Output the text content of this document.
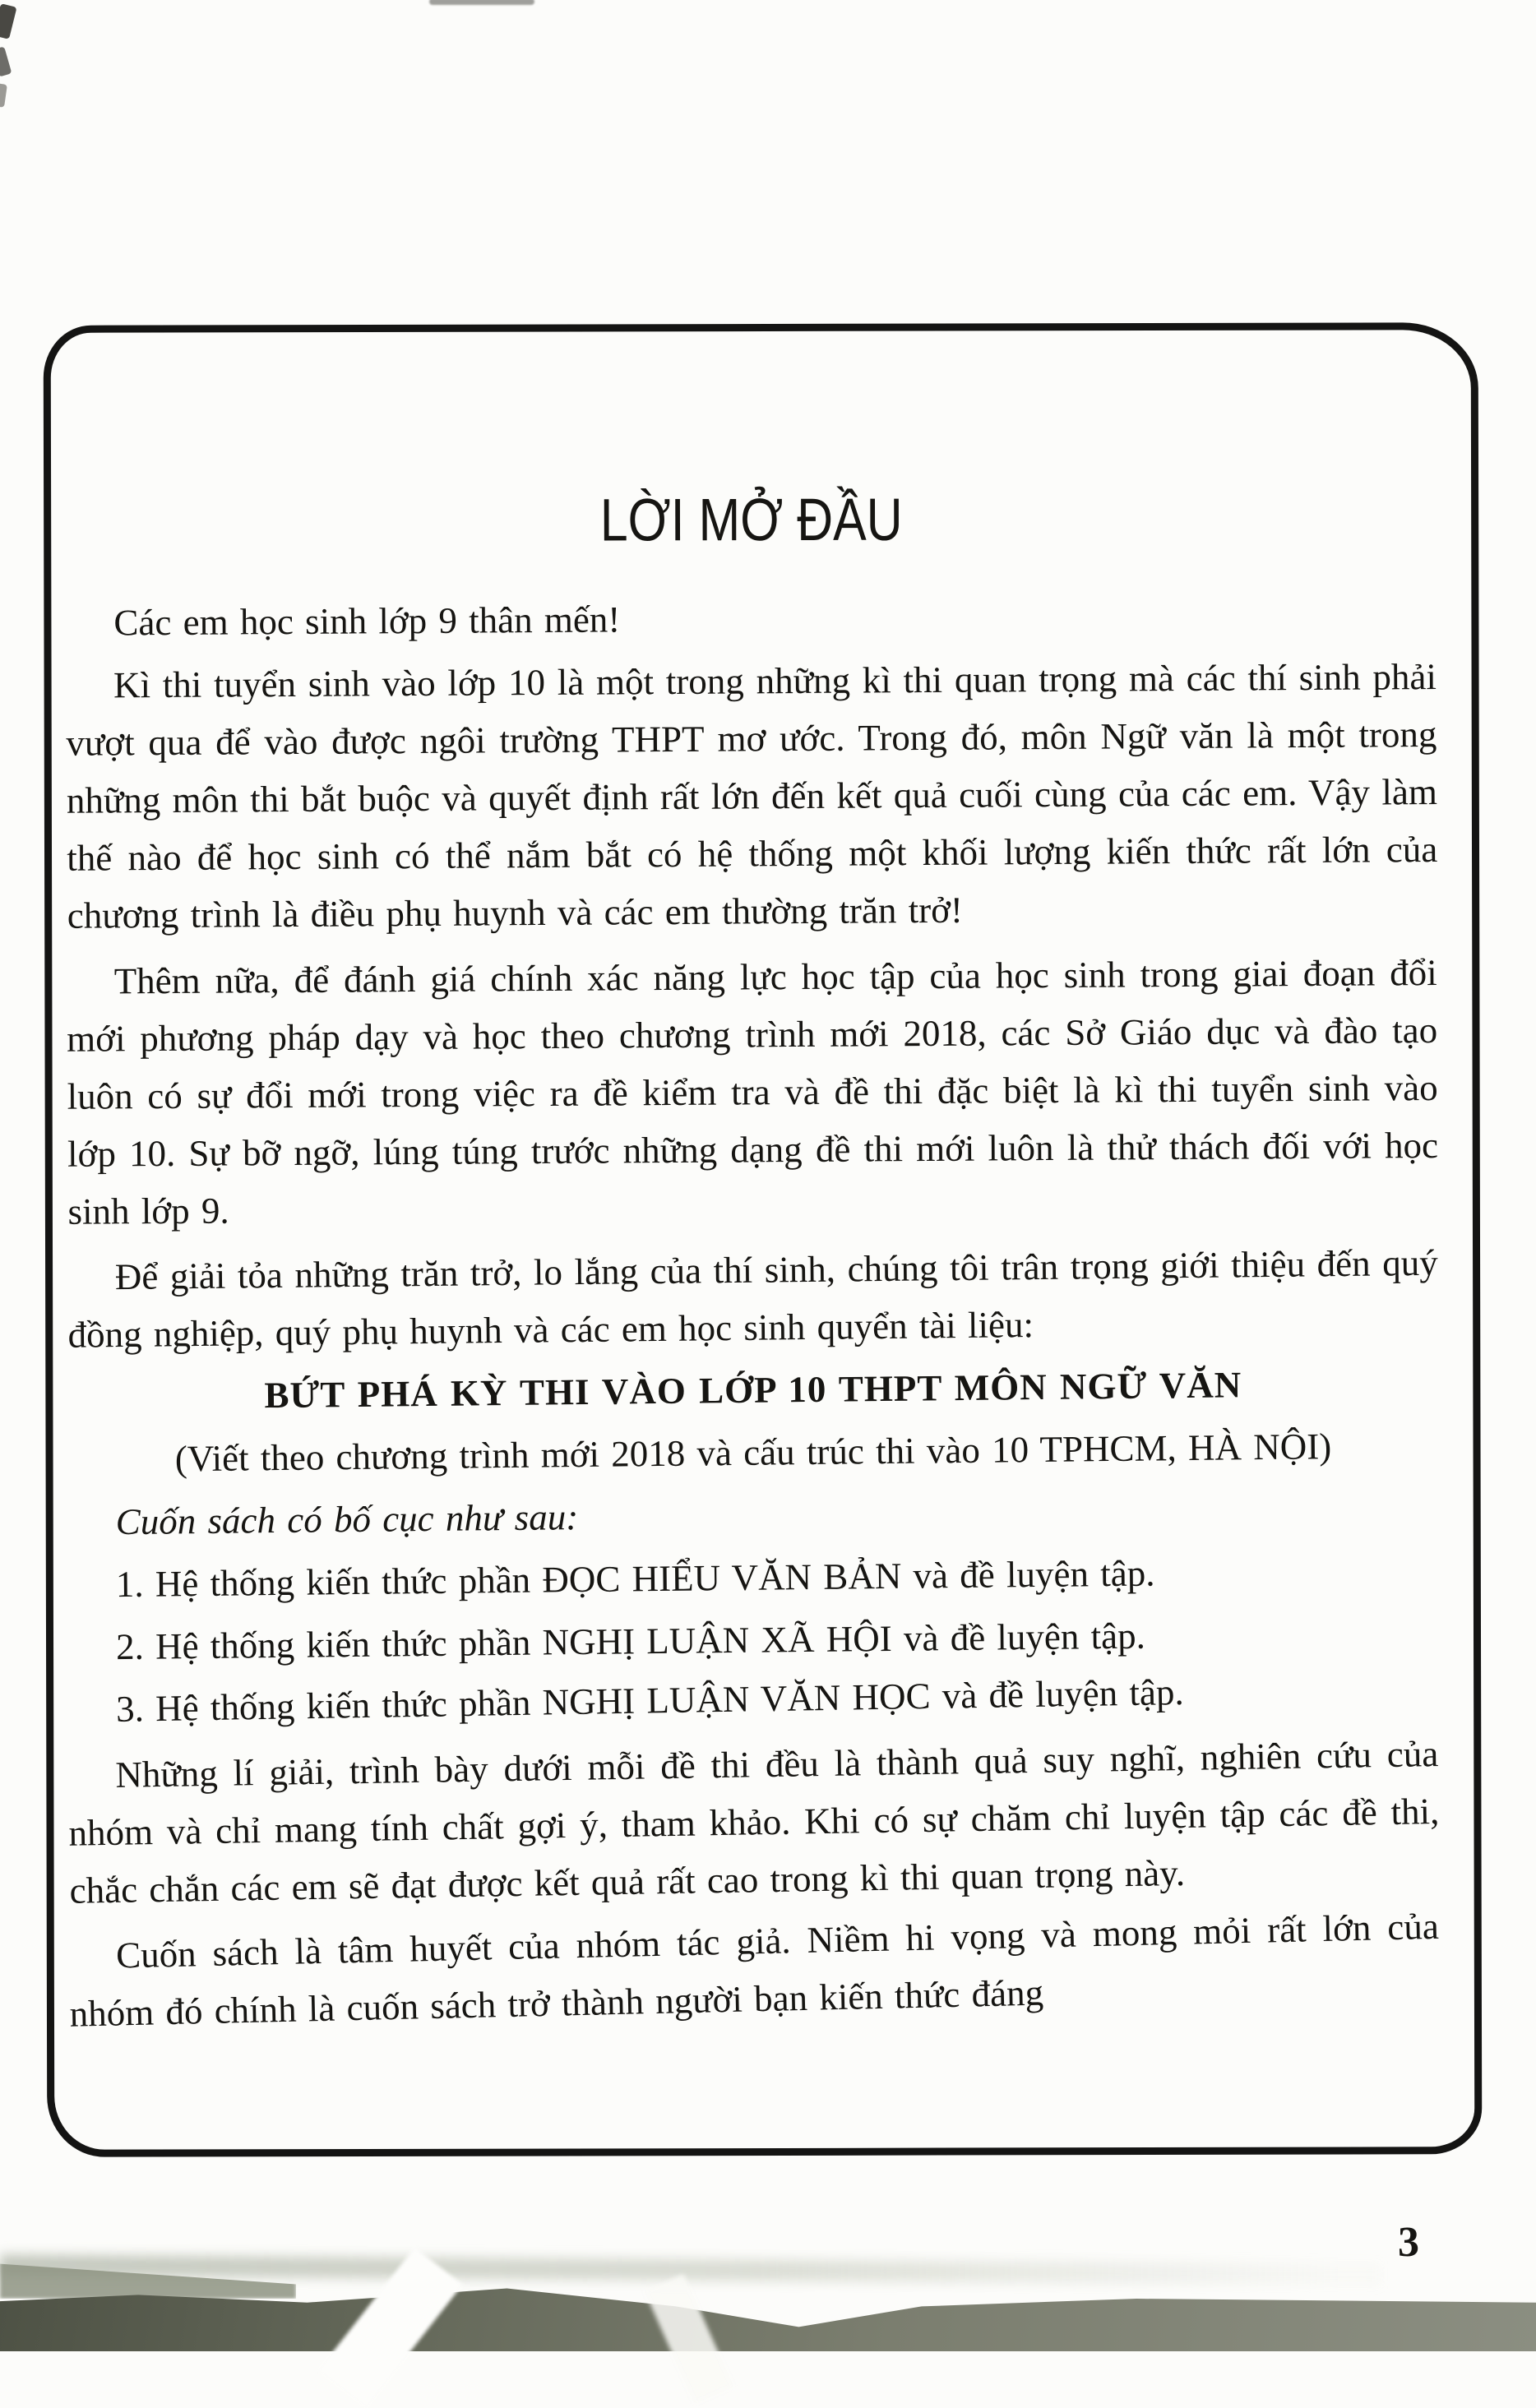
LỜI MỞ ĐẦU

Các em học sinh lớp 9 thân mến!

Kì thi tuyển sinh vào lớp 10 là một trong những kì thi quan trọng mà các thí sinh phải vượt qua để vào được ngôi trường THPT mơ ước. Trong đó, môn Ngữ văn là một trong những môn thi bắt buộc và quyết định rất lớn đến kết quả cuối cùng của các em. Vậy làm thế nào để học sinh có thể nắm bắt có hệ thống một khối lượng kiến thức rất lớn của chương trình là điều phụ huynh và các em thường trăn trở!

Thêm nữa, để đánh giá chính xác năng lực học tập của học sinh trong giai đoạn đổi mới phương pháp dạy và học theo chương trình mới 2018, các Sở Giáo dục và đào tạo luôn có sự đổi mới trong việc ra đề kiểm tra và đề thi đặc biệt là kì thi tuyển sinh vào lớp 10. Sự bỡ ngỡ, lúng túng trước những dạng đề thi mới luôn là thử thách đối với học sinh lớp 9.

Để giải tỏa những trăn trở, lo lắng của thí sinh, chúng tôi trân trọng giới thiệu đến quý đồng nghiệp, quý phụ huynh và các em học sinh quyển tài liệu:

BỨT PHÁ KỲ THI VÀO LỚP 10 THPT MÔN NGỮ VĂN

(Viết theo chương trình mới 2018 và cấu trúc thi vào 10 TPHCM, HÀ NỘI)

Cuốn sách có bố cục như sau:

1. Hệ thống kiến thức phần ĐỌC HIỂU VĂN BẢN và đề luyện tập.

2. Hệ thống kiến thức phần NGHỊ LUẬN XÃ HỘI và đề luyện tập.

3. Hệ thống kiến thức phần NGHỊ LUẬN VĂN HỌC và đề luyện tập.

Những lí giải, trình bày dưới mỗi đề thi đều là thành quả suy nghĩ, nghiên cứu của nhóm và chỉ mang tính chất gợi ý, tham khảo. Khi có sự chăm chỉ luyện tập các đề thi, chắc chắn các em sẽ đạt được kết quả rất cao trong kì thi quan trọng này.

Cuốn sách là tâm huyết của nhóm tác giả. Niềm hi vọng và mong mỏi rất lớn của nhóm đó chính là cuốn sách trở thành người bạn kiến thức đáng

3
